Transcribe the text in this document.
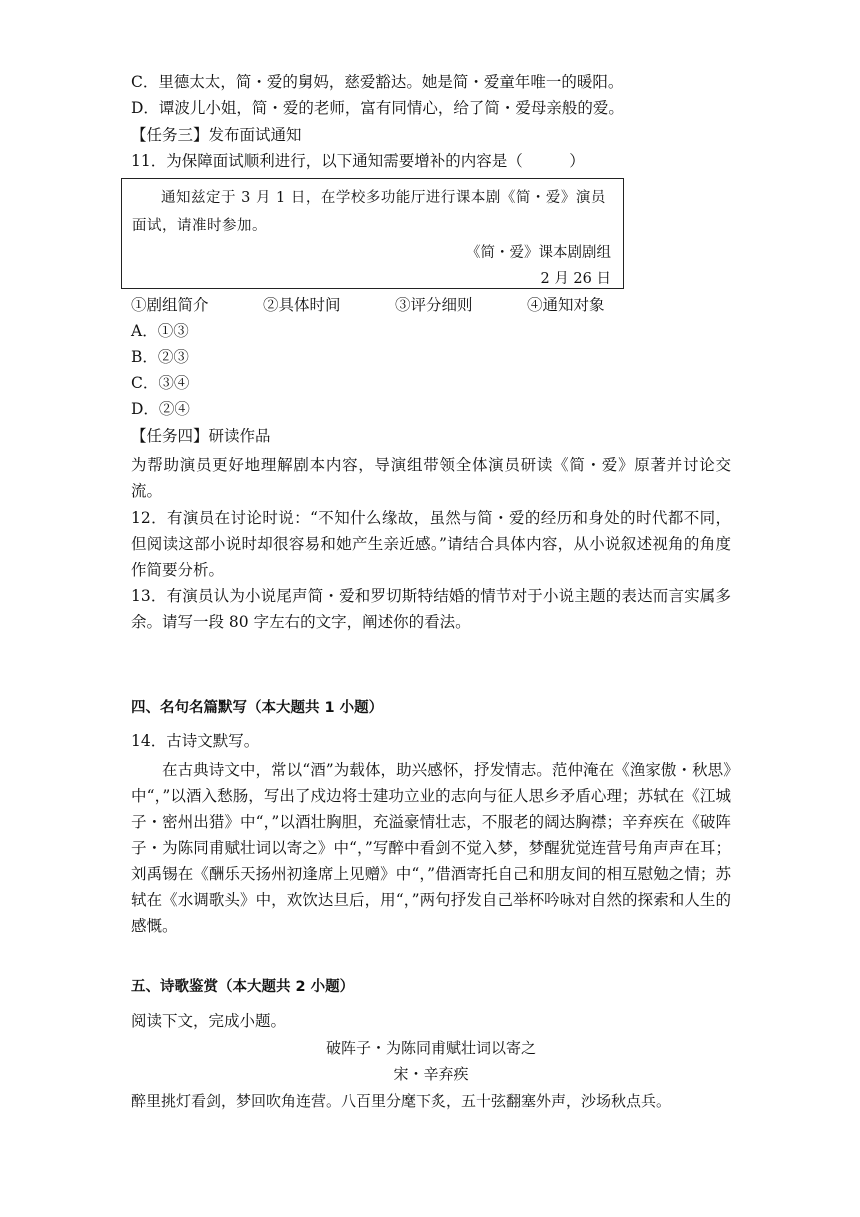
C．里德太太，简・爱的舅妈，慈爱豁达。她是简・爱童年唯一的暖阳。
D．谭波儿小姐，简・爱的老师，富有同情心，给了简・爱母亲般的爱。
【任务三】发布面试通知
11．为保障面试顺利进行，以下通知需要增补的内容是（　　　）
通知兹定于 3 月 1 日，在学校多功能厅进行课本剧《简・爱》演员面试，请准时参加。
《简・爱》课本剧剧组
2 月 26 日
①剧组简介	②具体时间	③评分细则	④通知对象
A．①③
B．②③
C．③④
D．②④
【任务四】研读作品
为帮助演员更好地理解剧本内容，导演组带领全体演员研读《简・爱》原著并讨论交流。
12．有演员在讨论时说：“不知什么缘故，虽然与简・爱的经历和身处的时代都不同，但阅读这部小说时却很容易和她产生亲近感。”请结合具体内容，从小说叙述视角的角度作简要分析。
13．有演员认为小说尾声简・爱和罗切斯特结婚的情节对于小说主题的表达而言实属多余。请写一段 80 字左右的文字，阐述你的看法。
四、名句名篇默写（本大题共 1 小题）
14．古诗文默写。
在古典诗文中，常以“酒”为载体，助兴感怀，抒发情志。范仲淹在《渔家傲・秋思》中“，”以酒入愁肠，写出了戍边将士建功立业的志向与征人思乡矛盾心理；苏轼在《江城子・密州出猎》中“，”以酒壮胸胆，充溢豪情壮志，不服老的阔达胸襟；辛弃疾在《破阵子・为陈同甫赋壮词以寄之》中“，”写醉中看剑不觉入梦，梦醒犹觉连营号角声声在耳；刘禹锡在《酬乐天扬州初逢席上见赠》中“，”借酒寄托自己和朋友间的相互慰勉之情；苏轼在《水调歌头》中，欢饮达旦后，用“，”两句抒发自己举杯吟咏对自然的探索和人生的感慨。
五、诗歌鉴赏（本大题共 2 小题）
阅读下文，完成小题。
破阵子・为陈同甫赋壮词以寄之
宋・辛弃疾
醉里挑灯看剑，梦回吹角连营。八百里分麾下炙，五十弦翻塞外声，沙场秋点兵。
